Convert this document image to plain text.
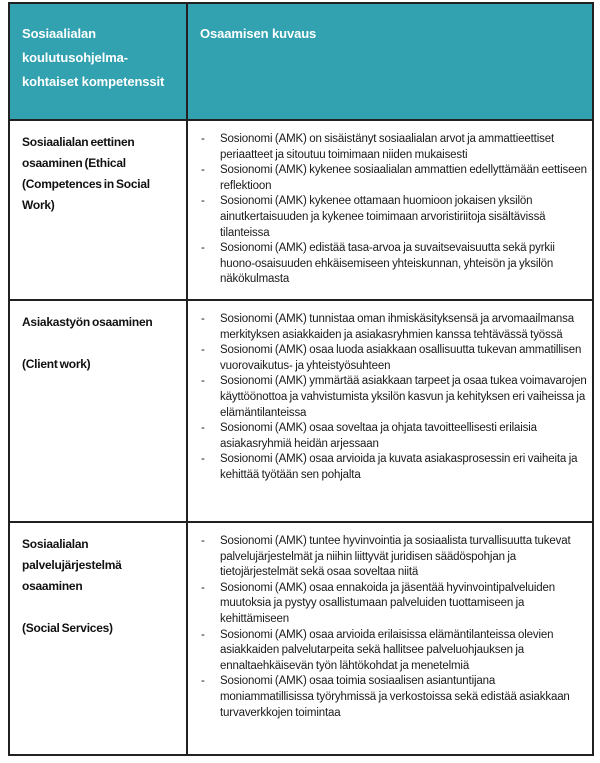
Sosiaalialan koulutusohjelma-kohtaiset kompetenssit	Osaamisen kuvaus

Sosiaalialan eettinen osaaminen (Ethical (Competences in Social Work)

-	Sosionomi (AMK) on sisäistänyt sosiaalialan arvot ja ammattieettiset periaatteet ja sitoutuu toimimaan niiden mukaisesti
-	Sosionomi (AMK) kykenee sosiaalialan ammattien edellyttämään eettiseen reflektioon
-	Sosionomi (AMK) kykenee ottamaan huomioon jokaisen yksilön ainutkertaisuuden ja kykenee toimimaan arvoristiriitoja sisältävissä tilanteissa
-	Sosionomi (AMK) edistää tasa-arvoa ja suvaitsevaisuutta sekä pyrkii huono-osaisuuden ehkäisemiseen yhteiskunnan, yhteisön ja yksilön näkökulmasta

Asiakastyön osaaminen
(Client work)

-	Sosionomi (AMK) tunnistaa oman ihmiskäsityksensä ja arvomaailmansa merkityksen asiakkaiden ja asiakasryhmien kanssa tehtävässä työssä
-	Sosionomi (AMK) osaa luoda asiakkaan osallisuutta tukevan ammatillisen vuorovaikutus- ja yhteistyösuhteen
-	Sosionomi (AMK) ymmärtää asiakkaan tarpeet ja osaa tukea voimavarojen käyttöönottoa ja vahvistumista yksilön kasvun ja kehityksen eri vaiheissa ja elämäntilanteissa
-	Sosionomi (AMK) osaa soveltaa ja ohjata tavoitteellisesti erilaisia asiakasryhmiä heidän arjessaan
-	Sosionomi (AMK) osaa arvioida ja kuvata asiakasprosessin eri vaiheita ja kehittää työtään sen pohjalta

Sosiaalialan palvelujärjestelmä osaaminen
(Social Services)

-	Sosionomi (AMK) tuntee hyvinvointia ja sosiaalista turvallisuutta tukevat palvelujärjestelmät ja niihin liittyvät juridisen säädöspohjan ja tietojärjestelmät sekä osaa soveltaa niitä
-	Sosionomi (AMK) osaa ennakoida ja jäsentää hyvinvointipalveluiden muutoksia ja pystyy osallistumaan palveluiden tuottamiseen ja kehittämiseen
-	Sosionomi (AMK) osaa arvioida erilaisissa elämäntilanteissa olevien asiakkaiden palvelutarpeita sekä hallitsee palveluohjauksen ja ennaltaehkäisevän työn lähtökohdat ja menetelmiä
-	Sosionomi (AMK) osaa toimia sosiaalisen asiantuntijana moniammatillisissa työryhmissä ja verkostoissa sekä edistää asiakkaan turvaverkkojen toimintaa
